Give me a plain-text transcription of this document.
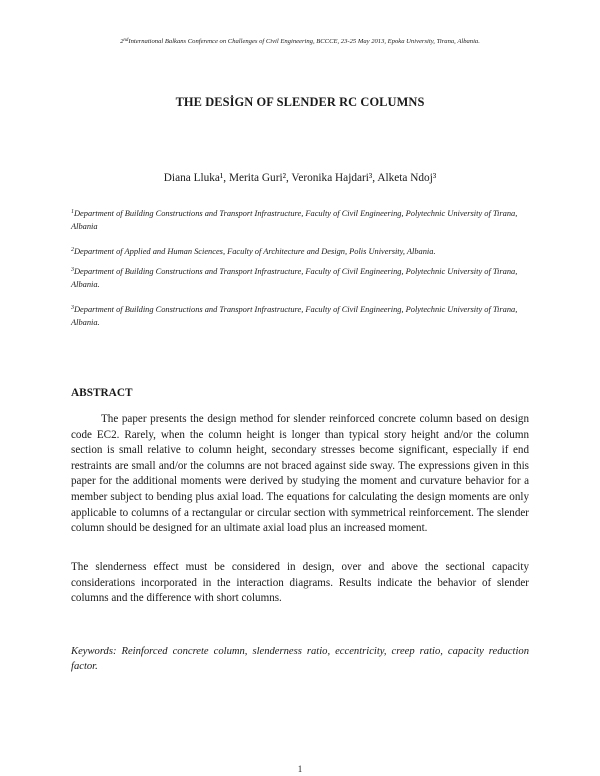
2ndInternational Balkans Conference on Challenges of Civil Engineering, BCCCE, 23-25 May 2013, Epoka University, Tirana, Albania.
THE DESİGN OF SLENDER RC COLUMNS
Diana Lluka¹, Merita Guri², Veronika Hajdari³, Alketa Ndoj³
$^1$Department of Building Constructions and Transport Infrastructure, Faculty of Civil Engineering, Polytechnic University of Tirana, Albania
$^2$Department of Applied and Human Sciences, Faculty of Architecture and Design, Polis University, Albania.
$^3$Department of Building Constructions and Transport Infrastructure, Faculty of Civil Engineering, Polytechnic University of Tirana, Albania.
$^3$Department of Building Constructions and Transport Infrastructure, Faculty of Civil Engineering, Polytechnic University of Tirana, Albania.
ABSTRACT
The paper presents the design method for slender reinforced concrete column based on design code EC2. Rarely, when the column height is longer than typical story height and/or the column section is small relative to column height, secondary stresses become significant, especially if end restraints are small and/or the columns are not braced against side sway. The expressions given in this paper for the additional moments were derived by studying the moment and curvature behavior for a member subject to bending plus axial load. The equations for calculating the design moments are only applicable to columns of a rectangular or circular section with symmetrical reinforcement. The slender column should be designed for an ultimate axial load plus an increased moment.
The slenderness effect must be considered in design, over and above the sectional capacity considerations incorporated in the interaction diagrams. Results indicate the behavior of slender columns and the difference with short columns.
Keywords: Reinforced concrete column, slenderness ratio, eccentricity, creep ratio, capacity reduction factor.
1
